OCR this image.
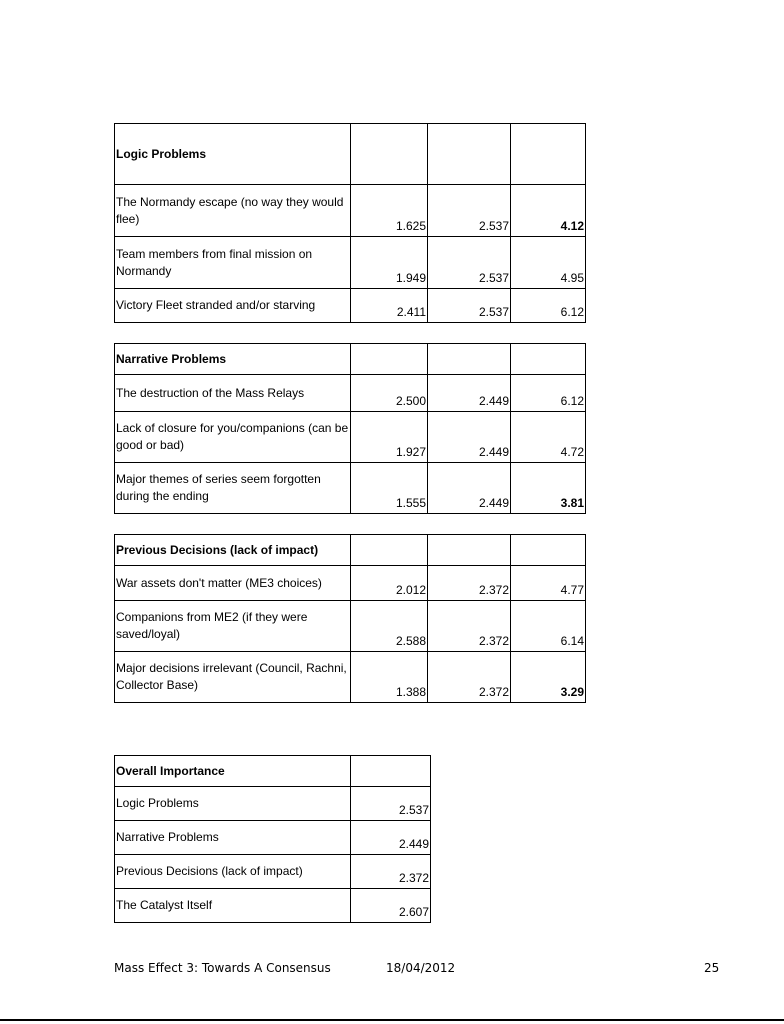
Logic Problems			
The Normandy escape (no way they would flee)	1.625	2.537	4.12
Team members from final mission on Normandy	1.949	2.537	4.95
Victory Fleet stranded and/or starving	2.411	2.537	6.12
Narrative Problems			
The destruction of the Mass Relays	2.500	2.449	6.12
Lack of closure for you/companions (can be good or bad)	1.927	2.449	4.72
Major themes of series seem forgotten during the ending	1.555	2.449	3.81
Previous Decisions (lack of impact)			
War assets don't matter (ME3 choices)	2.012	2.372	4.77
Companions from ME2 (if they were saved/loyal)	2.588	2.372	6.14
Major decisions irrelevant (Council, Rachni, Collector Base)	1.388	2.372	3.29
Overall Importance	
Logic Problems	2.537
Narrative Problems	2.449
Previous Decisions (lack of impact)	2.372
The Catalyst Itself	2.607
Mass Effect 3: Towards A Consensus	18/04/2012	25
